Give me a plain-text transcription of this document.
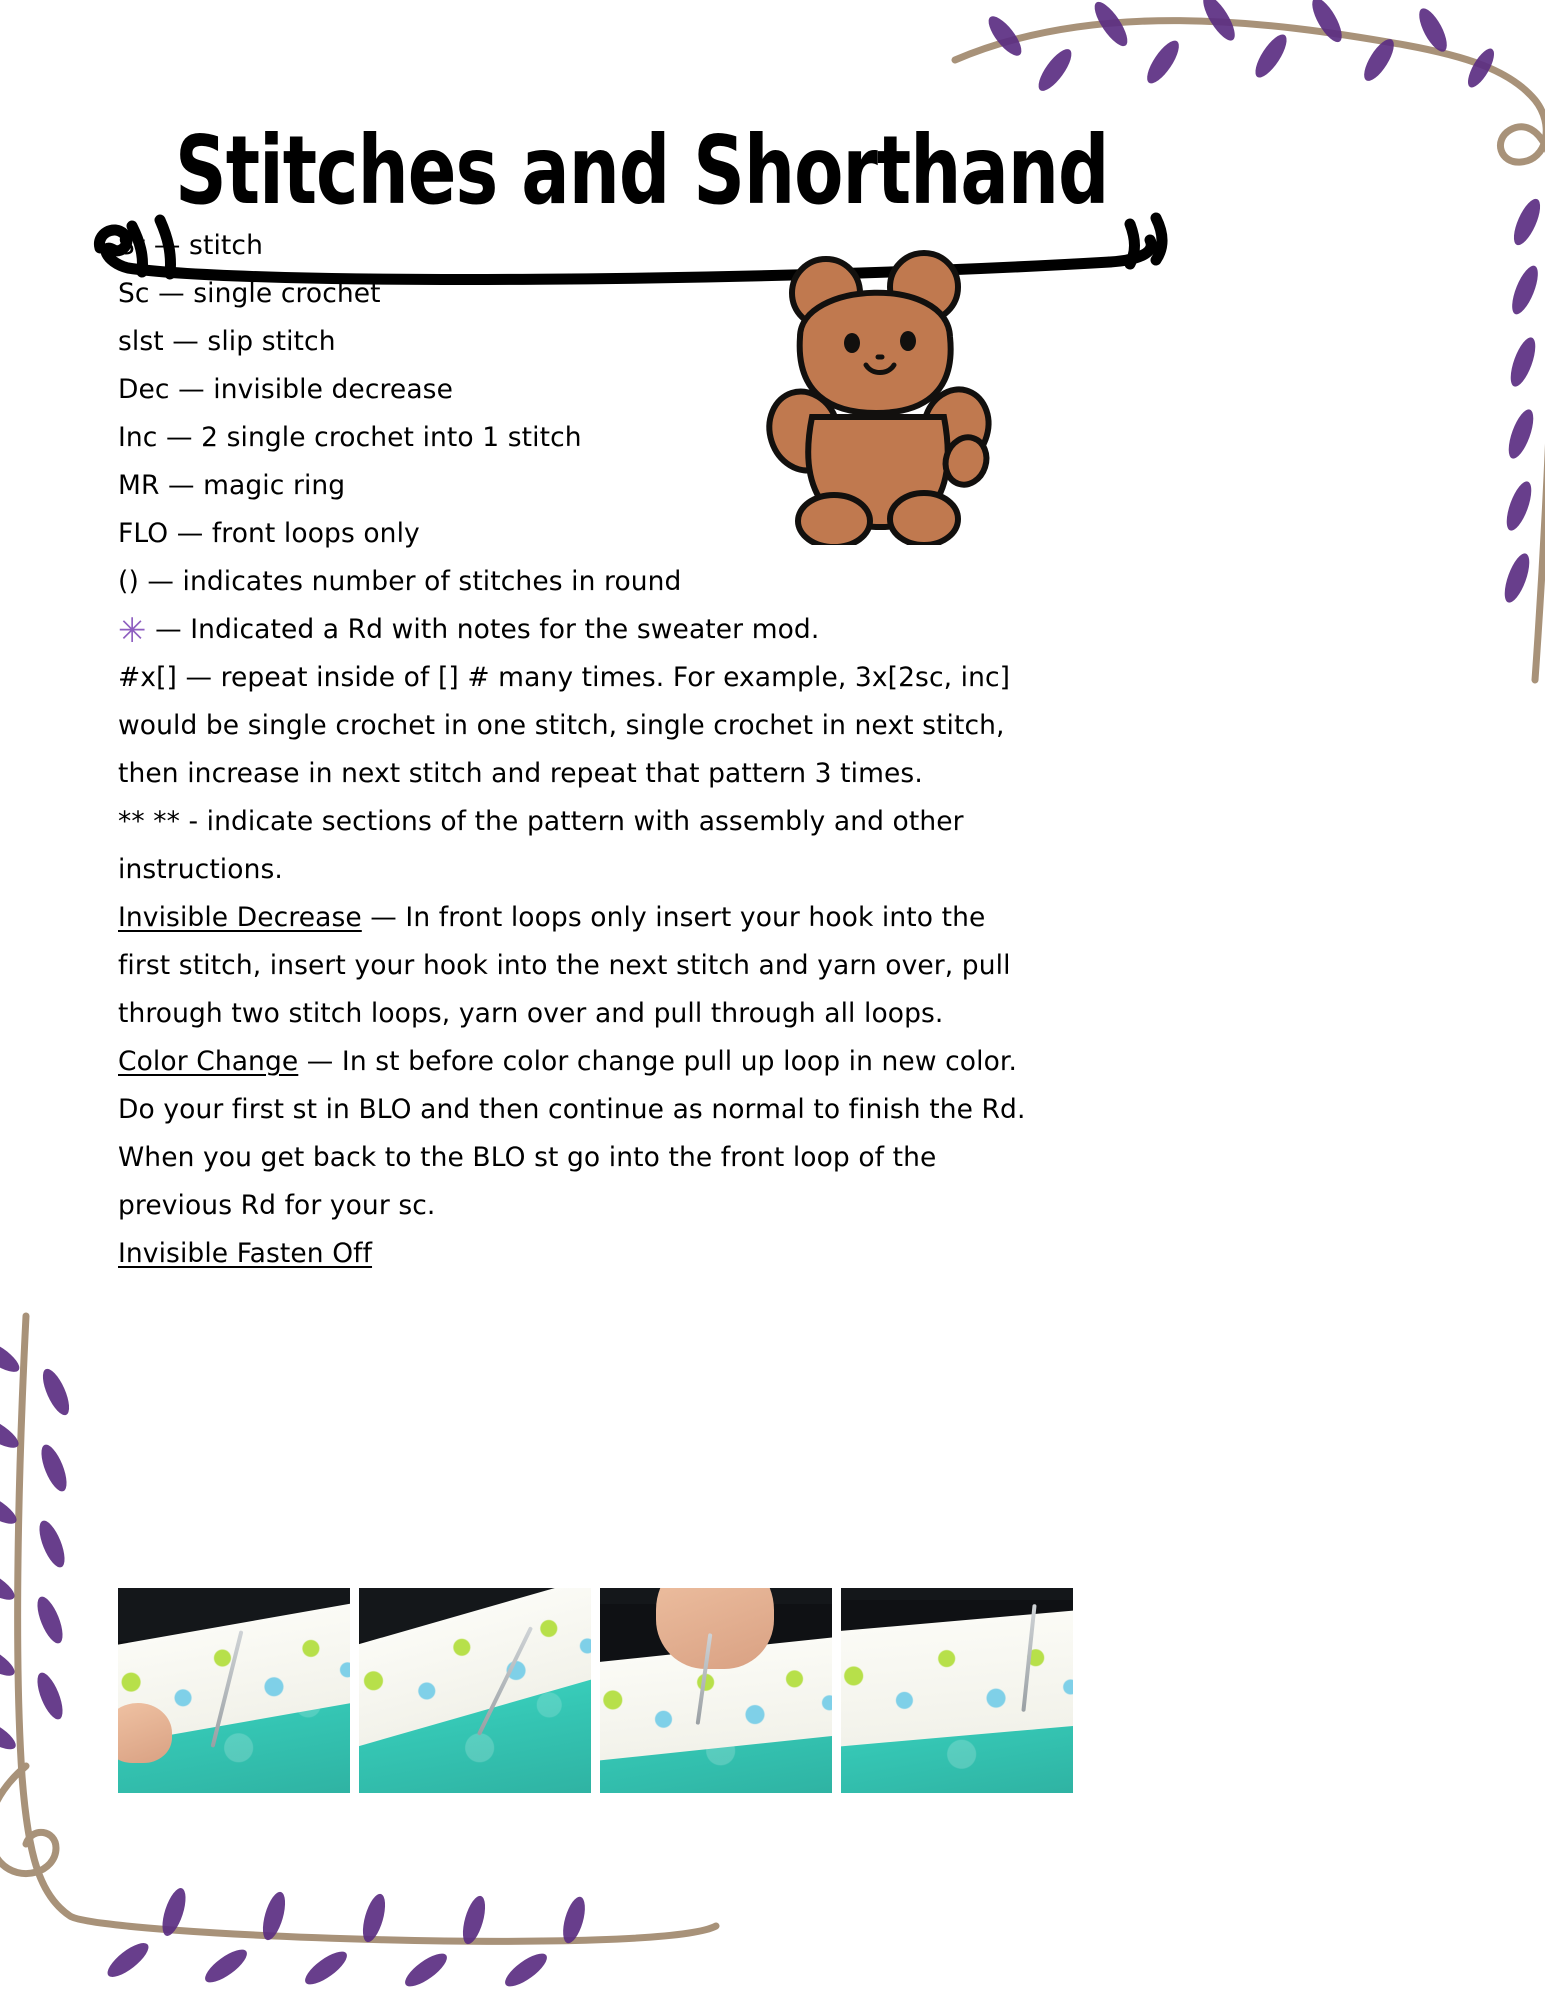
Stitches and Shorthand
St — stitch
Sc — single crochet
slst — slip stitch
Dec — invisible decrease
Inc — 2 single crochet into 1 stitch
MR — magic ring
FLO — front loops only
() — indicates number of stitches in round
✳ — Indicated a Rd with notes for the sweater mod.
#x[] — repeat inside of [] # many times. For example, 3x[2sc, inc]
would be single crochet in one stitch, single crochet in next stitch,
then increase in next stitch and repeat that pattern 3 times.
** ** - indicate sections of the pattern with assembly and other
instructions.
Invisible Decrease — In front loops only insert your hook into the
first stitch, insert your hook into the next stitch and yarn over, pull
through two stitch loops, yarn over and pull through all loops.
Color Change — In st before color change pull up loop in new color.
Do your first st in BLO and then continue as normal to finish the Rd.
When you get back to the BLO st go into the front loop of the
previous Rd for your sc.
Invisible Fasten Off
